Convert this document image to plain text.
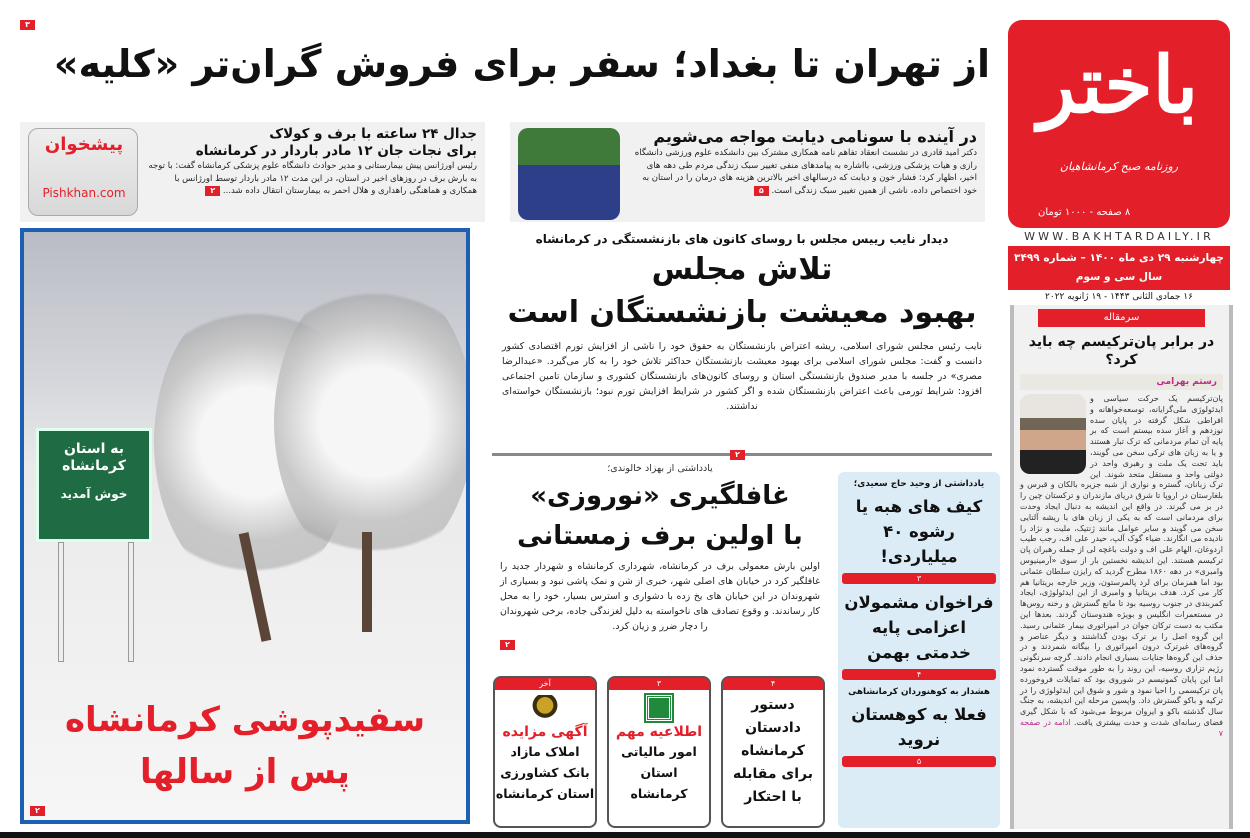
باختر
روزنامه صبح کرمانشاهیان
۸ صفحه - ۱۰۰۰ تومان
WWW.BAKHTARDAILY.IR
چهارشنبه ۲۹ دی ماه ۱۴۰۰ – شماره ۳۴۹۹
سال سی و سوم
۱۶ جمادی الثانی ۱۴۴۳ - ۱۹ ژانویه ۲۰۲۲
سرمقاله
در برابر پان‌ترکیسم چه باید کرد؟
رستم بهرامی
پان‌ترکیسم یک حرکت سیاسی و ایدئولوژی ملی‌گرایانه، توسعه‌خواهانه و افراطی شکل گرفته در پایان سده نوزدهم و آغاز سده بیستم است که بر پایه آن تمام مردمانی که ترک تبار هستند و یا به زبان های ترکی سخن می گویند، باید تحت یک ملت و رهبری واحد در دولتی واحد و مستقل متحد شوند. این ترک زبانان، گستره و نواری از شبه جزیره بالکان و قبرس و بلغارستان در اروپا تا شرق دریای مازندران و ترکستان چین را در بر می گیرند. در واقع این اندیشه به دنبال ایجاد وحدت برای مردمانی است که به یکی از زبان های با ریشه آلتایی سخن می گویند و سایر عوامل مانند ژنتیک، ملیت و نژاد را نادیده می انگارند. ضیاء گوک آلپ، حیدر علی اف، رجب طیب اردوغان، الهام علی اف و دولت باغچه لی از جمله رهبران پان ترکیسم هستند. این اندیشه نخستین بار از سوی «آرمینیوس وامبری» در دهه ۱۸۶۰ مطرح گردید که رایزن سلطان عثمانی بود اما همزمان برای لرد پالمرستون، وزیر خارجه بریتانیا هم کار می کرد. هدف بریتانیا و وامبری از این ایدئولوژی، ایجاد کمربندی در جنوب روسیه بود تا مانع گسترش و رخنه روس‌ها در مستعمرات انگلیس و بویژه هندوستان گردند. بعدها این مکتب به دست ترکان جوان در امپراتوری بیمار عثمانی رسید. این گروه اصل را بر ترک بودن گذاشتند و دیگر عناصر و گروه‌های غیرترک درون امپراتوری را بیگانه شمردند و در حذف این گروه‌ها جنایات بسیاری انجام دادند. گرچه سرنگونی رژیم تزاری روسیه، این روند را به طور موقت گسترده نمود اما این پایان کمونیسم در شوروی بود که تمایلات فروخورده پان ترکیسمی را احیا نمود و شور و شوق این ایدئولوژی را در ترکیه و باکو گسترش داد. واپسین مرحله این اندیشه، به جنگ سال گذشته باکو و ایروان مربوط می‌شود که با شکل گیری فضای رسانه‌ای شدت و حدت بیشتری یافت. ادامه در صفحه ۷
۳
از تهران تا بغداد؛ سفر برای فروش گران‌تر «کلیه»
جدال ۲۴ ساعته با برف و کولاک
برای نجات جان ۱۲ مادر باردار در کرمانشاه
رئیس اورژانس پیش بیمارستانی و مدیر حوادث دانشگاه علوم پزشکی کرمانشاه گفت: با توجه به بارش برف در روزهای اخیر در استان، در این مدت ۱۲ مادر باردار توسط اورژانس با همکاری و هماهنگی راهداری و هلال احمر به بیمارستان انتقال داده شد... ۲
در آینده با سونامی دیابت مواجه می‌شویم
دکتر امید قادری در نشست انعقاد تفاهم نامه همکاری مشترک بین دانشکده علوم ورزشی دانشگاه رازی و هیات پزشکی ورزشی، بااشاره به پیامدهای منفی تغییر سبک زندگی مردم طی دهه های اخیر، اظهار کرد: فشار خون و دیابت که درسالهای اخیر بالاترین هزینه های درمان را در استان به خود اختصاص داده، ناشی از همین تغییر سبک زندگی است. ۵
پیشخوان
Pishkhan.com
به استان کرمانشاه
خوش آمدید
سفیدپوشی کرمانشاه
پس از سالها
۲
دیدار نایب رییس مجلس با روسای کانون های بازنشستگی در کرمانشاه
تلاش مجلس
بهبود معیشت بازنشستگان است
نایب رئیس مجلس شورای اسلامی، ریشه اعتراض بازنشستگان به حقوق خود را ناشی از افزایش تورم اقتصادی کشور دانست و گفت: مجلس شورای اسلامی برای بهبود معیشت بازنشستگان حداکثر تلاش خود را به کار می‌گیرد. «عبدالرضا مصری» در جلسه با مدیر صندوق بازنشستگی استان و روسای کانون‌های بازنشستگان کشوری و سازمان تامین اجتماعی افزود: شرایط تورمی باعث اعتراض بازنشستگان شده و اگر کشور در شرایط افزایش تورم نبود؛ بازنشستگان خواسته‌ای نداشتند.
۲
یادداشتی از بهزاد خالوندی؛
غافلگیری «نوروزی»
با اولین برف زمستانی
اولین بارش معمولی برف در کرمانشاه، شهرداری کرمانشاه و شهردار جدید را غافلگیر کرد در خیابان های اصلی شهر، خبری از شن و نمک پاشی نبود و بسیاری از شهروندان در این خیابان های یخ زده با دشواری و استرس بسیار، خود را به محل کار رساندند. و وقوع تصادف های ناخواسته به دلیل لغزندگی جاده، برخی شهروندان را دچار ضرر و زیان کرد.
۲
آخر
آگهی مزایده
املاک مازاد
بانک کشاورزی
استان کرمانشاه
۳
اطلاعیه مهم
امور مالیاتی
استان
کرمانشاه
۴
دستور
دادستان
کرمانشاه
برای مقابله
با احتکار
یادداشتی از وحید حاج سعیدی؛
کیف های هبه یا رشوه ۴۰ میلیاردی!
۳
فراخوان مشمولان اعزامی پایه خدمتی بهمن
۴
هشدار به کوهنوردان کرمانشاهی
فعلا به کوهستان نروید
۵
